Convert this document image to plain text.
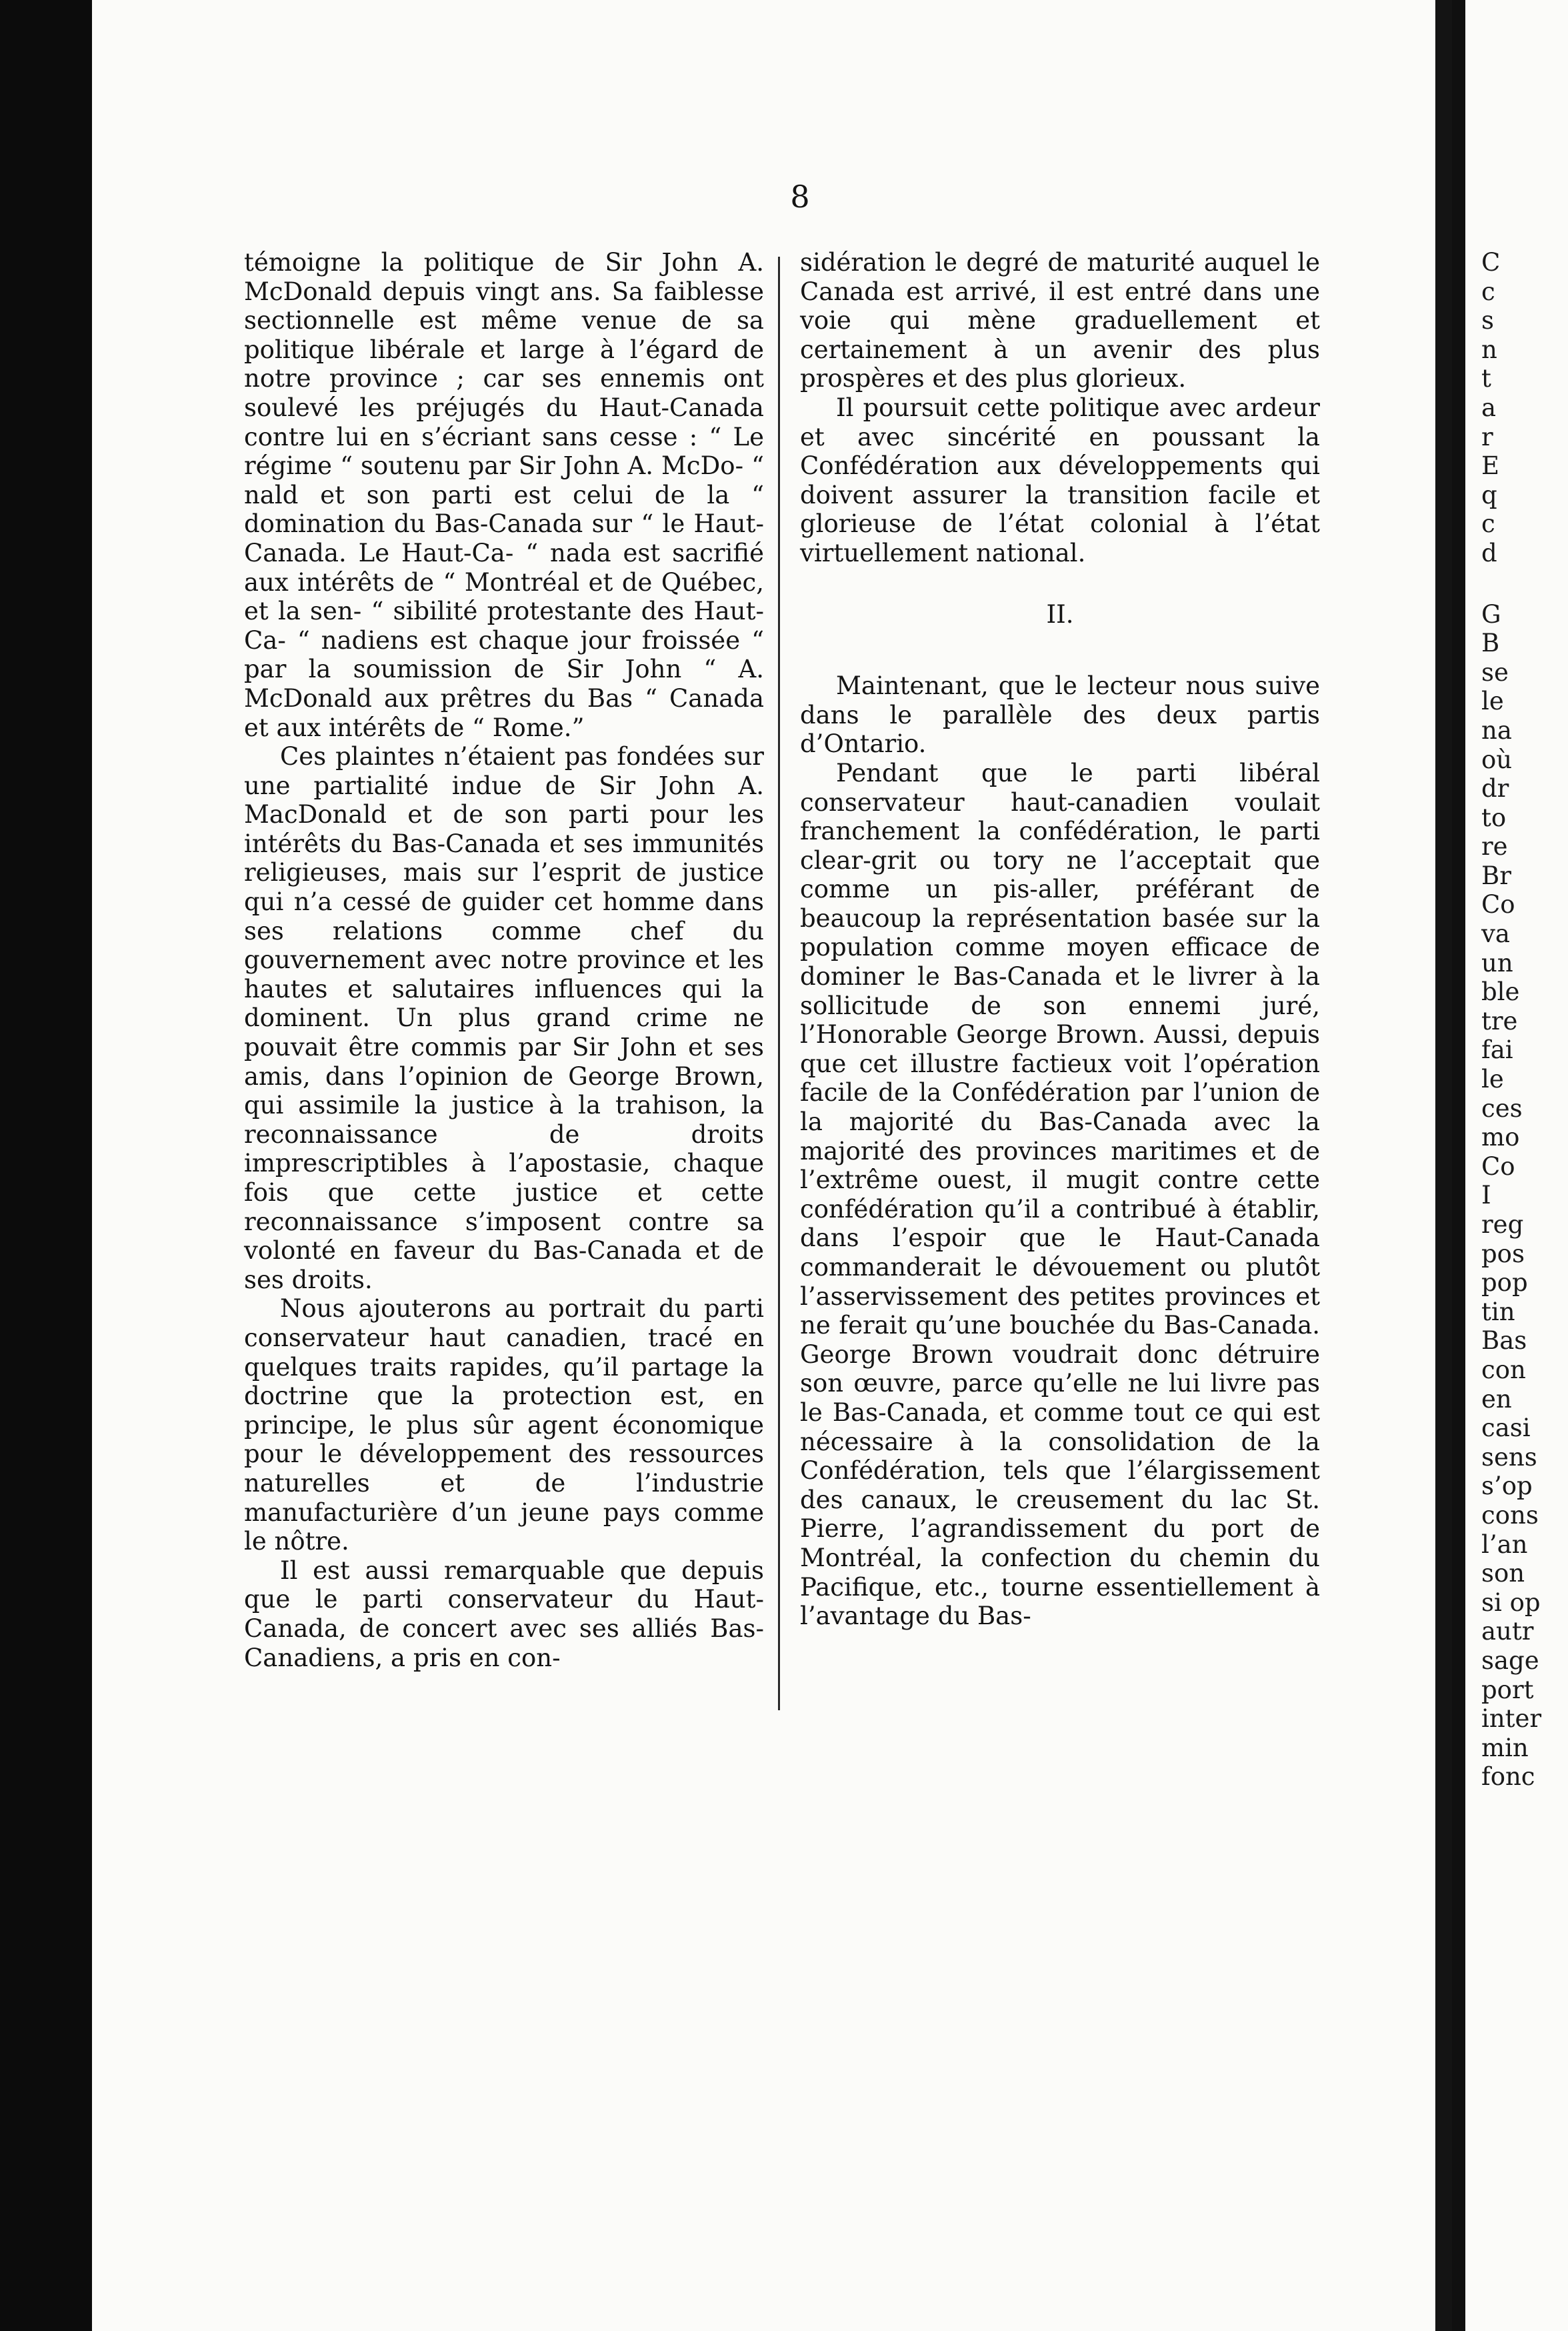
8

témoigne la politique de Sir John A. McDonald depuis vingt ans. Sa faiblesse sectionnelle est même venue de sa politique libérale et large à l’égard de notre province ; car ses ennemis ont soulevé les préjugés du Haut-Canada contre lui en s’écriant sans cesse : “ Le régime “ soutenu par Sir John A. McDo- “ nald et son parti est celui de la “ domination du Bas-Canada sur “ le Haut-Canada. Le Haut-Ca- “ nada est sacrifié aux intérêts de “ Montréal et de Québec, et la sen- “ sibilité protestante des Haut-Ca- “ nadiens est chaque jour froissée “ par la soumission de Sir John “ A. McDonald aux prêtres du Bas “ Canada et aux intérêts de “ Rome.”

Ces plaintes n’étaient pas fondées sur une partialité indue de Sir John A. MacDonald et de son parti pour les intérêts du Bas-Canada et ses immunités religieuses, mais sur l’esprit de justice qui n’a cessé de guider cet homme dans ses relations comme chef du gouvernement avec notre province et les hautes et salutaires influences qui la dominent. Un plus grand crime ne pouvait être commis par Sir John et ses amis, dans l’opinion de George Brown, qui assimile la justice à la trahison, la reconnaissance de droits imprescriptibles à l’apostasie, chaque fois que cette justice et cette reconnaissance s’imposent contre sa volonté en faveur du Bas-Canada et de ses droits.

Nous ajouterons au portrait du parti conservateur haut canadien, tracé en quelques traits rapides, qu’il partage la doctrine que la protection est, en principe, le plus sûr agent économique pour le développement des ressources naturelles et de l’industrie manufacturière d’un jeune pays comme le nôtre.

Il est aussi remarquable que depuis que le parti conservateur du Haut-Canada, de concert avec ses alliés Bas-Canadiens, a pris en con-

sidération le degré de maturité auquel le Canada est arrivé, il est entré dans une voie qui mène graduellement et certainement à un avenir des plus prospères et des plus glorieux.

Il poursuit cette politique avec ardeur et avec sincérité en poussant la Confédération aux développements qui doivent assurer la transition facile et glorieuse de l’état colonial à l’état virtuellement national.

II.

Maintenant, que le lecteur nous suive dans le parallèle des deux partis d’Ontario.

Pendant que le parti libéral conservateur haut-canadien voulait franchement la confédération, le parti clear-grit ou tory ne l’acceptait que comme un pis-aller, préférant de beaucoup la représentation basée sur la population comme moyen efficace de dominer le Bas-Canada et le livrer à la sollicitude de son ennemi juré, l’Honorable George Brown. Aussi, depuis que cet illustre factieux voit l’opération facile de la Confédération par l’union de la majorité du Bas-Canada avec la majorité des provinces maritimes et de l’extrême ouest, il mugit contre cette confédération qu’il a contribué à établir, dans l’espoir que le Haut-Canada commanderait le dévouement ou plutôt l’asservissement des petites provinces et ne ferait qu’une bouchée du Bas-Canada. George Brown voudrait donc détruire son œuvre, parce qu’elle ne lui livre pas le Bas-Canada, et comme tout ce qui est nécessaire à la consolidation de la Confédération, tels que l’élargissement des canaux, le creusement du lac St. Pierre, l’agrandissement du port de Montréal, la confection du chemin du Pacifique, etc., tourne essentiellement à l’avantage du Bas-

C
c
s
n
t
a
r
E
q
c
d
G
B
se
le
na
où
dr
to
re
Br
Co
va
un
ble
tre
fai
le
ces
mo
Co
I
reg
pos
pop
tin
Bas
con
en
casi
sens
s’op
cons
l’an
son
si op
autr
sage
port
inter
min
fonc
